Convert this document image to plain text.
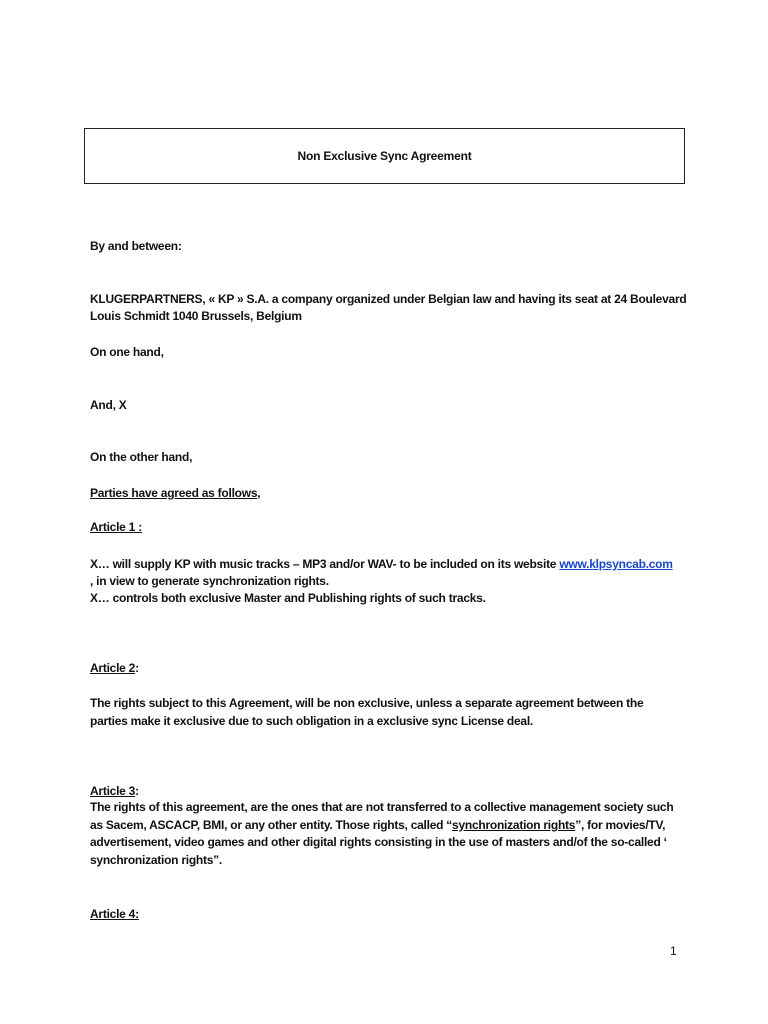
Non Exclusive Sync Agreement
By and between:
KLUGERPARTNERS, « KP » S.A. a company organized under Belgian law and having its seat at 24 Boulevard
Louis Schmidt 1040 Brussels, Belgium
On one hand,
And, X
On the other hand,
Parties have agreed as follows,
Article 1 :
X… will supply KP with music tracks – MP3 and/or WAV- to be included on its website www.klpsyncab.com
, in view to generate synchronization rights.
X… controls both exclusive Master and Publishing rights of such tracks.
Article 2:
The rights subject to this Agreement, will be non exclusive, unless a separate agreement between the
parties make it exclusive due to such obligation in a exclusive sync License deal.
Article 3:
The rights of this agreement, are the ones that are not transferred to a collective management society such
as Sacem, ASCACP, BMI, or any other entity. Those rights, called “synchronization rights”, for movies/TV,
advertisement, video games and other digital rights consisting in the use of masters and/of the so-called ‘
synchronization rights”.
Article 4:
1
